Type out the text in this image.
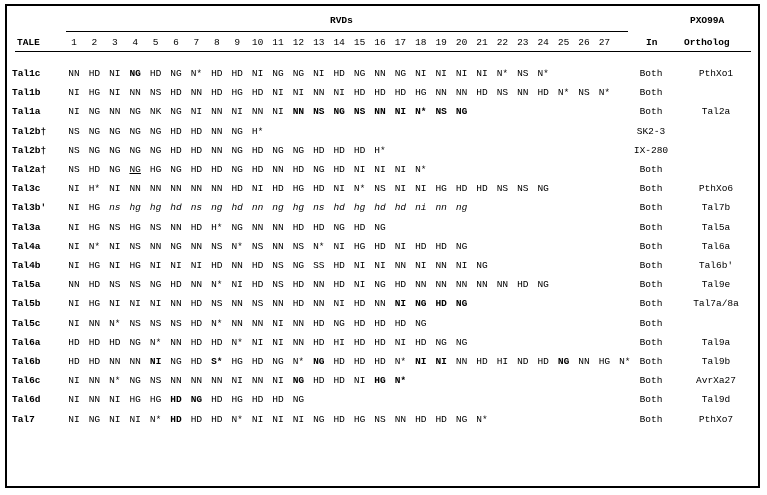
RVDs	PXO99A
TALE	1 2 3 4 5 6 7 8 9 10 11 12 13 14 15 16 17 18 19 20 21 22 23 24 25 26 27	In	Ortholog
Tal1c	NN HD NI NG HD NG N* HD HD NI NG NG NI HD NG NN NG NI NI NI NI N* NS N*	Both	PthXo1
Tal1b	NI HG NI NN NS HD NN HD HG HD NI NI NN NI HD HD HD HG NN NN HD NS NN HD N* NS N*	Both
Tal1a	NI NG NN NG NK NG NI NN NI NN NI NN NS NG NS NN NI N* NS NG	Both	Tal2a
Tal2b† NS NG NG NG NG HD HD NN NG H*	SK2-3
Tal2b† NS NG NG NG NG HD HD NN NG HD NG NG HD HD HD H*	IX-280
Tal2a† NS HD NG NG HG NG HD HD NG HD NN HD NG HD NI NI NI N*	Both
Tal3c	NI H* NI NN NN NN NN NN HD NI HD HG HD NI N* NS NI NI HG HD HD NS NS NG	Both	PthXo6
Tal3b' NI HG ns hg hg hd ns ng hd nn ng hg ns hd hg hd hd ni nn ng	Both	Tal7b
Tal3a	NI HG NS HG NS NN HD H* NG NN NN HD HD NG HD NG	Both	Tal5a
Tal4a	NI N* NI NS NN NG NN NS N* NS NN NS N* NI HG HD NI HD HD NG	Both	Tal6a
Tal4b	NI HG NI HG NI NI NI HD NN HD NS NG SS HD NI NI NN NI NN NI NG	Both	Tal6b'
Tal5a	NN HD NS NS NG HD NN N* NI HD NS HD NN HD NI NG HD NN NN NN NN NN HD NG	Both	Tal9e
Tal5b	NI HG NI NI NI NN HD NS NN NS NN HD NN NI HD NN NI NG HD NG	Both	Tal7a/8a
Tal5c	NI NN N* NS NS NS HD N* NN NN NI NN HD NG HD HD HD NG	Both
Tal6a	HD HD HD NG N* NN HD HD N* NI NI NN HD HI HD HD NI HD NG NG	Both	Tal9a
Tal6b	HD HD NN NN NI NG HD S* HG HD NG N* NG HD HD HD N* NI NI NN HD HI ND HD NG NN HG N* Both	Tal9b
Tal6c	NI NN N* NG NS NN NN NN NI NN NI NG HD HD NI HG N*	Both	AvrXa27
Tal6d	NI NN NI HG HG HD NG HD HG HD HD NG	Both	Tal9d
Tal7	NI NG NI NI N* HD HD HD N* NI NI NI NG HD HG NS NN HD HD NG N*	Both	PthXo7
